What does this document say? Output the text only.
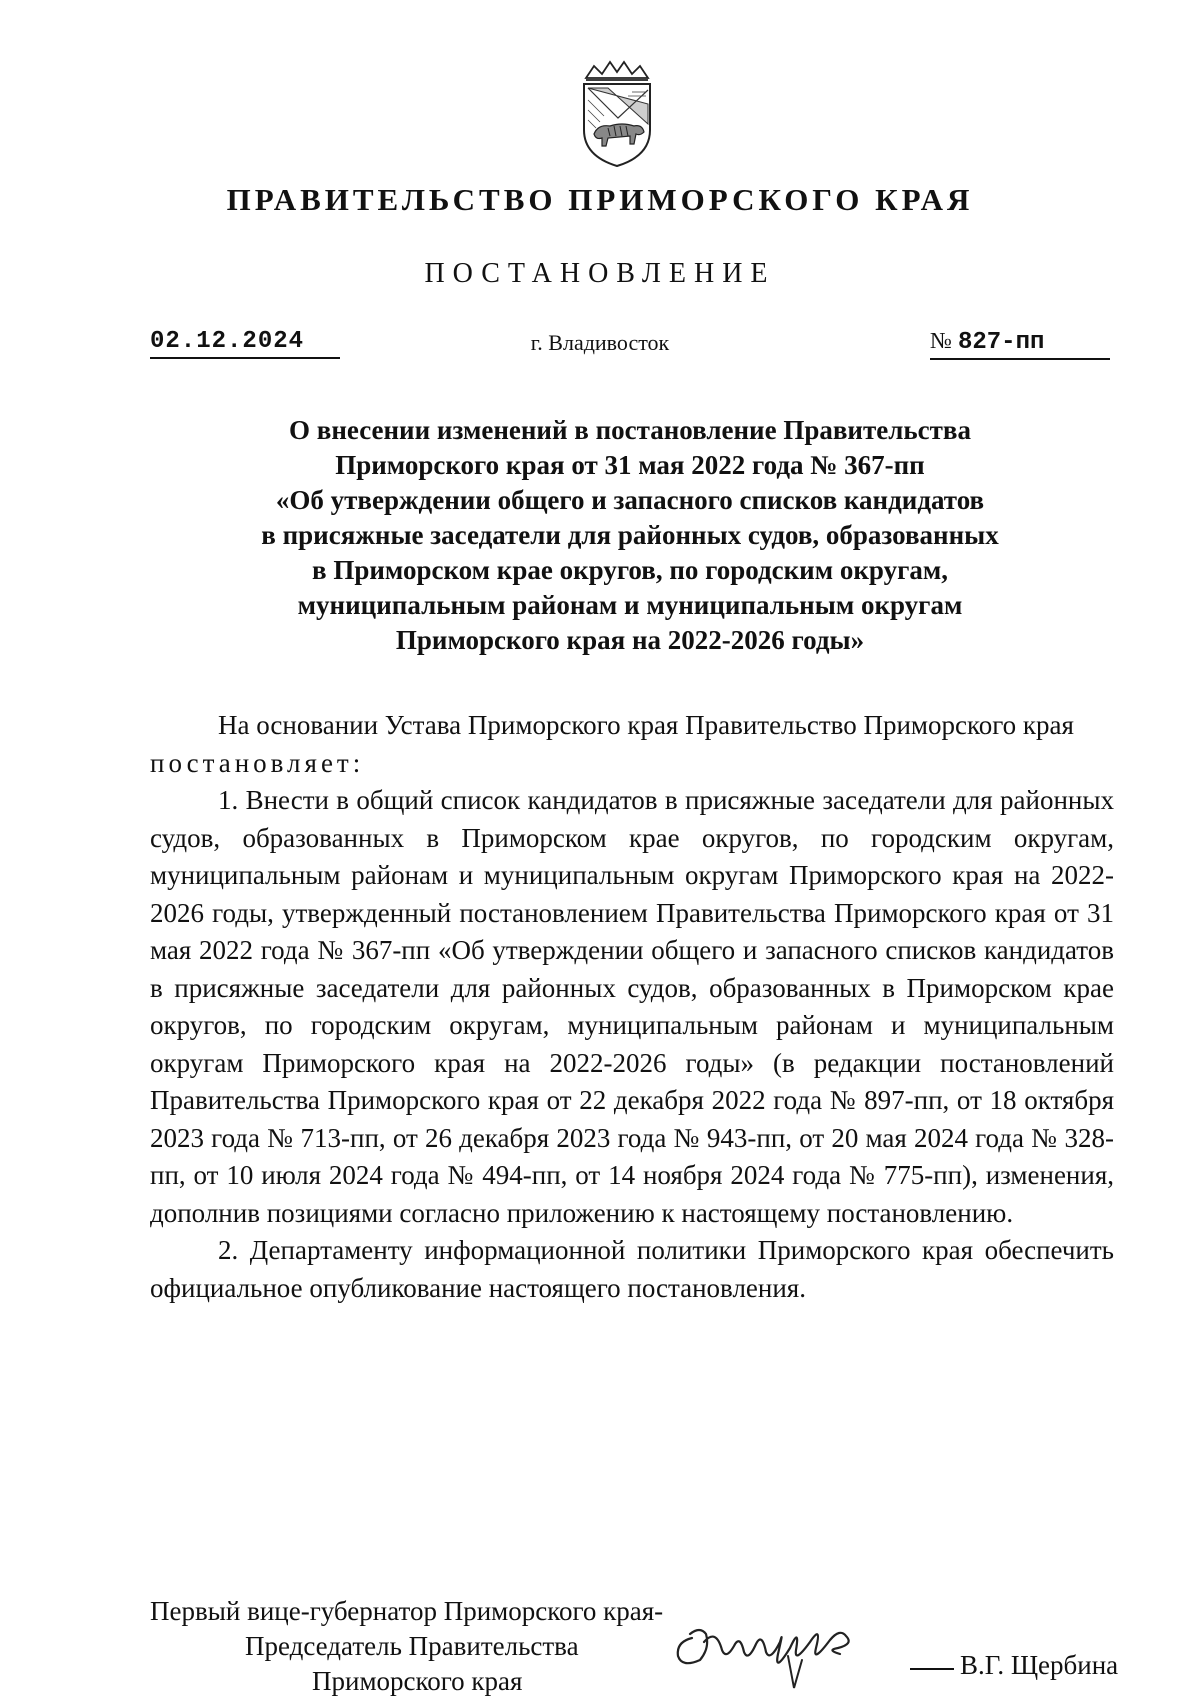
ПРАВИТЕЛЬСТВО ПРИМОРСКОГО КРАЯ
ПОСТАНОВЛЕНИЕ
02.12.2024	г. Владивосток	№ 827-пп
О внесении изменений в постановление Правительства
Приморского края от 31 мая 2022 года № 367-пп
«Об утверждении общего и запасного списков кандидатов
в присяжные заседатели для районных судов, образованных
в Приморском крае округов, по городским округам,
муниципальным районам и муниципальным округам
Приморского края на 2022-2026 годы»

На основании Устава Приморского края Правительство Приморского края

постановляет:

1. Внести в общий список кандидатов в присяжные заседатели для районных судов, образованных в Приморском крае округов, по городским округам, муниципальным районам и муниципальным округам Приморского края на 2022-2026 годы, утвержденный постановлением Правительства Приморского края от 31 мая 2022 года № 367-пп «Об утверждении общего и запасного списков кандидатов в присяжные заседатели для районных судов, образованных в Приморском крае округов, по городским округам, муниципальным районам и муниципальным округам Приморского края на 2022-2026 годы» (в редакции постановлений Правительства Приморского края от 22 декабря 2022 года № 897-пп, от 18 октября 2023 года № 713-пп, от 26 декабря 2023 года № 943-пп, от 20 мая 2024 года № 328-пп, от 10 июля 2024 года № 494-пп, от 14 ноября 2024 года № 775-пп), изменения, дополнив позициями согласно приложению к настоящему постановлению.

2. Департаменту информационной политики Приморского края обеспечить официальное опубликование настоящего постановления.

Первый вице-губернатор Приморского края-
Председатель Правительства
Приморского края
В.Г. Щербина
